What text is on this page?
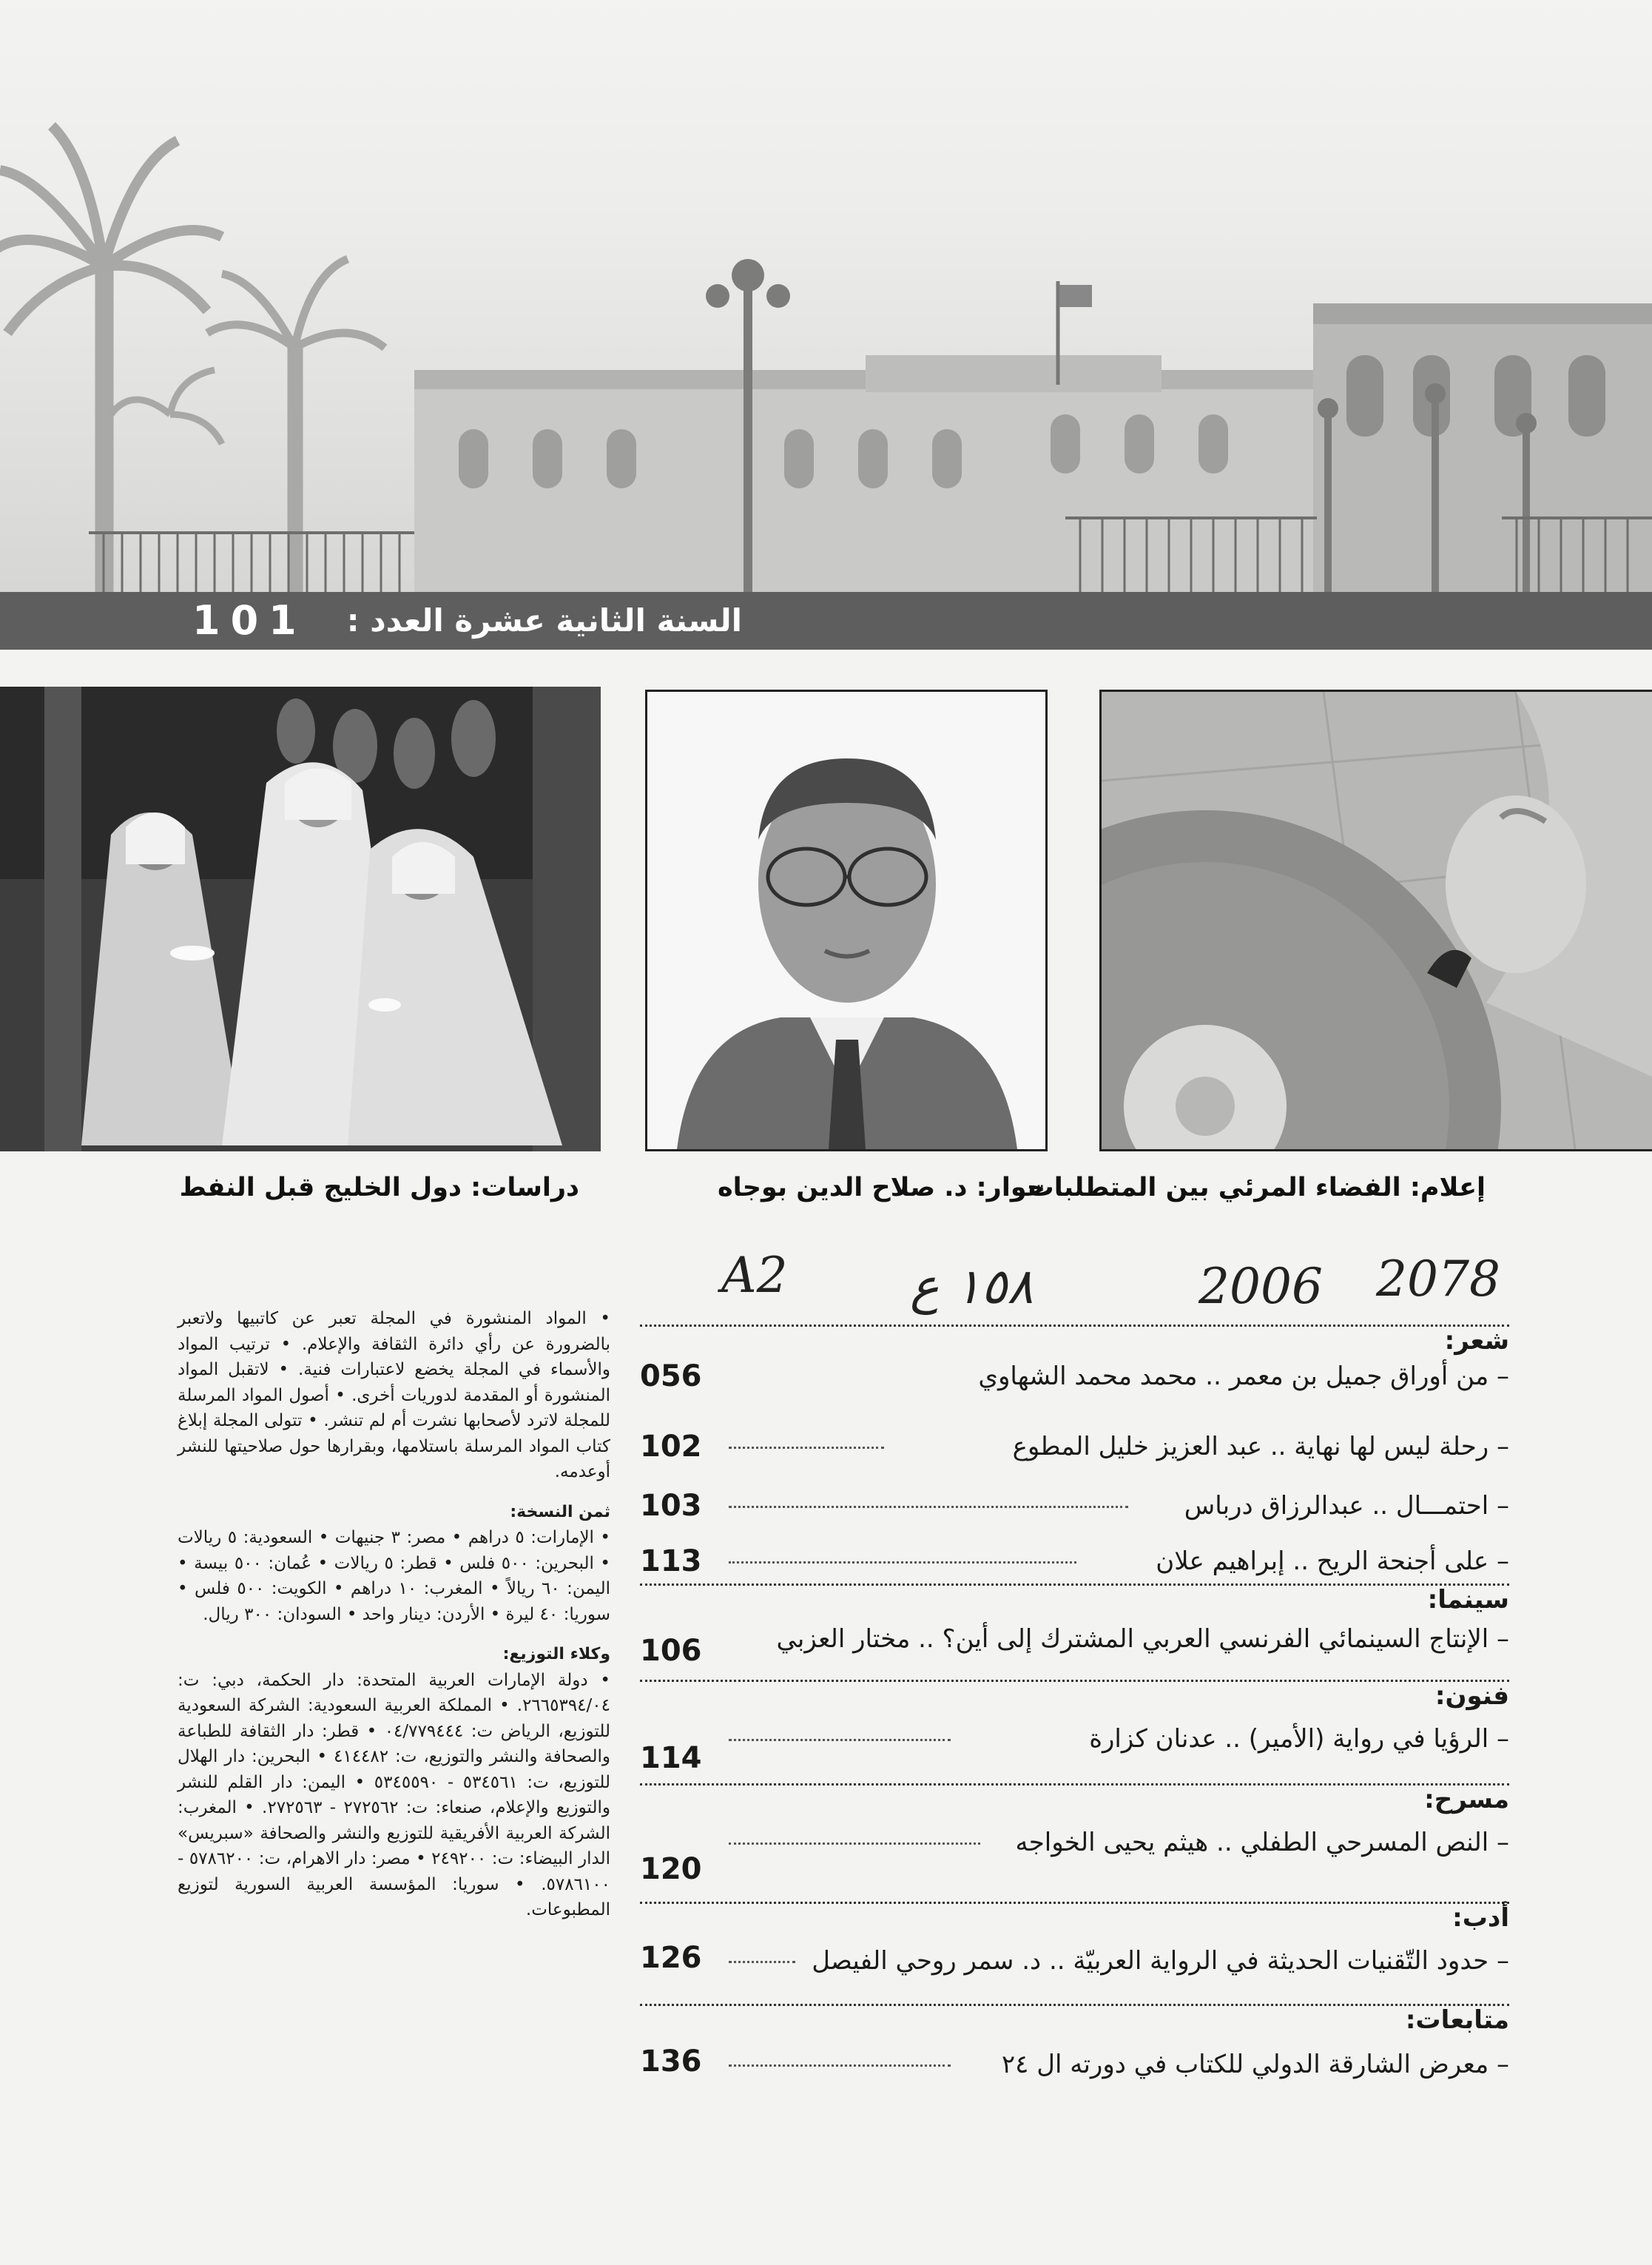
السنة الثانية عشرة العدد :
101
دراسات: دول الخليج قبل النفط	حوار: د. صلاح الدين بوجاه
إعلام: الفضاء المرئي بين المتطلبات
2078
2006
١٥٨ ع
A2
شعر:
– من أوراق جميل بن معمر .. محمد محمد الشهاوي
056
– رحلة ليس لها نهاية .. عبد العزيز خليل المطوع
102
– احتمـــال .. عبدالرزاق درباس
103
– على أجنحة الريح .. إبراهيم علان
113
سينما:
– الإنتاج السينمائي الفرنسي العربي المشترك إلى أين؟ .. مختار العزبي
106
فنون:
– الرؤيا في رواية (الأمير) .. عدنان كزارة
114
مسرح:
– النص المسرحي الطفلي .. هيثم يحيى الخواجه
120
أدب:
– حدود التّقنيات الحديثة في الرواية العربيّة .. د. سمر روحي الفيصل
126
متابعات:
– معرض الشارقة الدولي للكتاب في دورته ال ٢٤
136

• المواد المنشورة في المجلة تعبر عن كاتبيها ولاتعبر بالضرورة عن رأي دائرة الثقافة والإعلام. • ترتيب المواد والأسماء في المجلة يخضع لاعتبارات فنية. • لاتقبل المواد المنشورة أو المقدمة لدوريات أخرى. • أصول المواد المرسلة للمجلة لاترد لأصحابها نشرت أم لم تنشر. • تتولى المجلة إبلاغ كتاب المواد المرسلة باستلامها، وبقرارها حول صلاحيتها للنشر أوعدمه.

ثمن النسخة:

• الإمارات: ٥ دراهم • مصر: ٣ جنيهات • السعودية: ٥ ريالات • البحرين: ٥٠٠ فلس • قطر: ٥ ريالات • عُمان: ٥٠٠ بيسة • اليمن: ٦٠ ريالاً • المغرب: ١٠ دراهم • الكويت: ٥٠٠ فلس • سوريا: ٤٠ ليرة • الأردن: دينار واحد • السودان: ٣٠٠ ريال.

وكلاء التوزيع:

• دولة الإمارات العربية المتحدة: دار الحكمة، دبي: ت: ٢٦٦٥٣٩٤/٠٤. • المملكة العربية السعودية: الشركة السعودية للتوزيع، الرياض ت: ٠٤/٧٧٩٤٤٤ • قطر: دار الثقافة للطباعة والصحافة والنشر والتوزيع، ت: ٤١٤٤٨٢ • البحرين: دار الهلال للتوزيع، ت: ٥٣٤٥٦١ - ٥٣٤٥٥٩٠ • اليمن: دار القلم للنشر والتوزيع والإعلام، صنعاء: ت: ٢٧٢٥٦٢ - ٢٧٢٥٦٣. • المغرب: الشركة العربية الأفريقية للتوزيع والنشر والصحافة «سبريس» الدار البيضاء: ت: ٢٤٩٢٠٠ • مصر: دار الاهرام، ت: ٥٧٨٦٢٠٠ - ٥٧٨٦١٠٠. • سوريا: المؤسسة العربية السورية لتوزيع المطبوعات.
